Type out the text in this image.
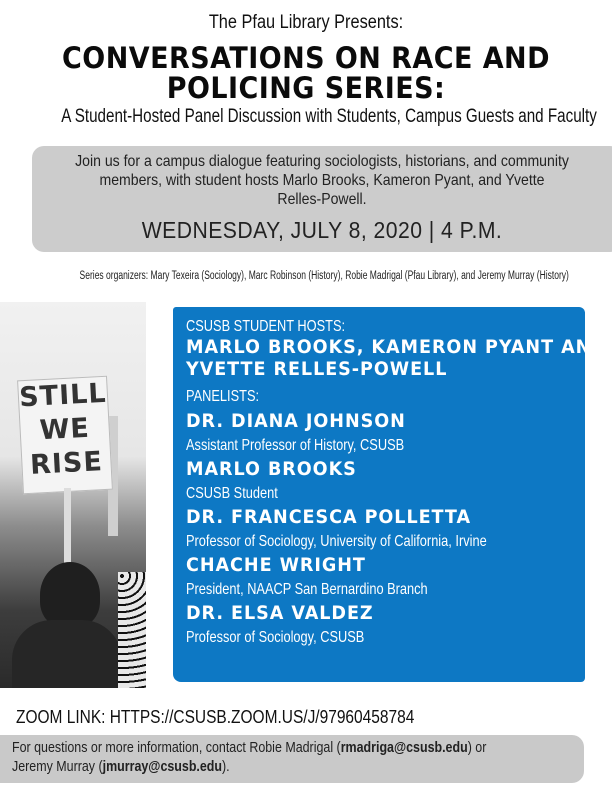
The Pfau Library Presents:
CONVERSATIONS ON RACE AND
POLICING SERIES:
A Student-Hosted Panel Discussion with Students, Campus Guests and Faculty
Join us for a campus dialogue featuring sociologists, historians, and community
members, with student hosts Marlo Brooks, Kameron Pyant, and Yvette
Relles-Powell.
WEDNESDAY, JULY 8, 2020 | 4 P.M.
Series organizers: Mary Texeira (Sociology), Marc Robinson (History), Robie Madrigal (Pfau Library), and Jeremy Murray (History)
STILL
WE
RISE
CSUSB STUDENT HOSTS:
MARLO BROOKS, KAMERON PYANT AND
YVETTE RELLES-POWELL
PANELISTS:
DR. DIANA JOHNSON
Assistant Professor of History, CSUSB
MARLO BROOKS
CSUSB Student
DR. FRANCESCA POLLETTA
Professor of Sociology, University of California, Irvine
CHACHE WRIGHT
President, NAACP San Bernardino Branch
DR. ELSA VALDEZ
Professor of Sociology, CSUSB
ZOOM LINK: HTTPS://CSUSB.ZOOM.US/J/97960458784
For questions or more information, contact Robie Madrigal (rmadriga@csusb.edu) or
Jeremy Murray (jmurray@csusb.edu).
